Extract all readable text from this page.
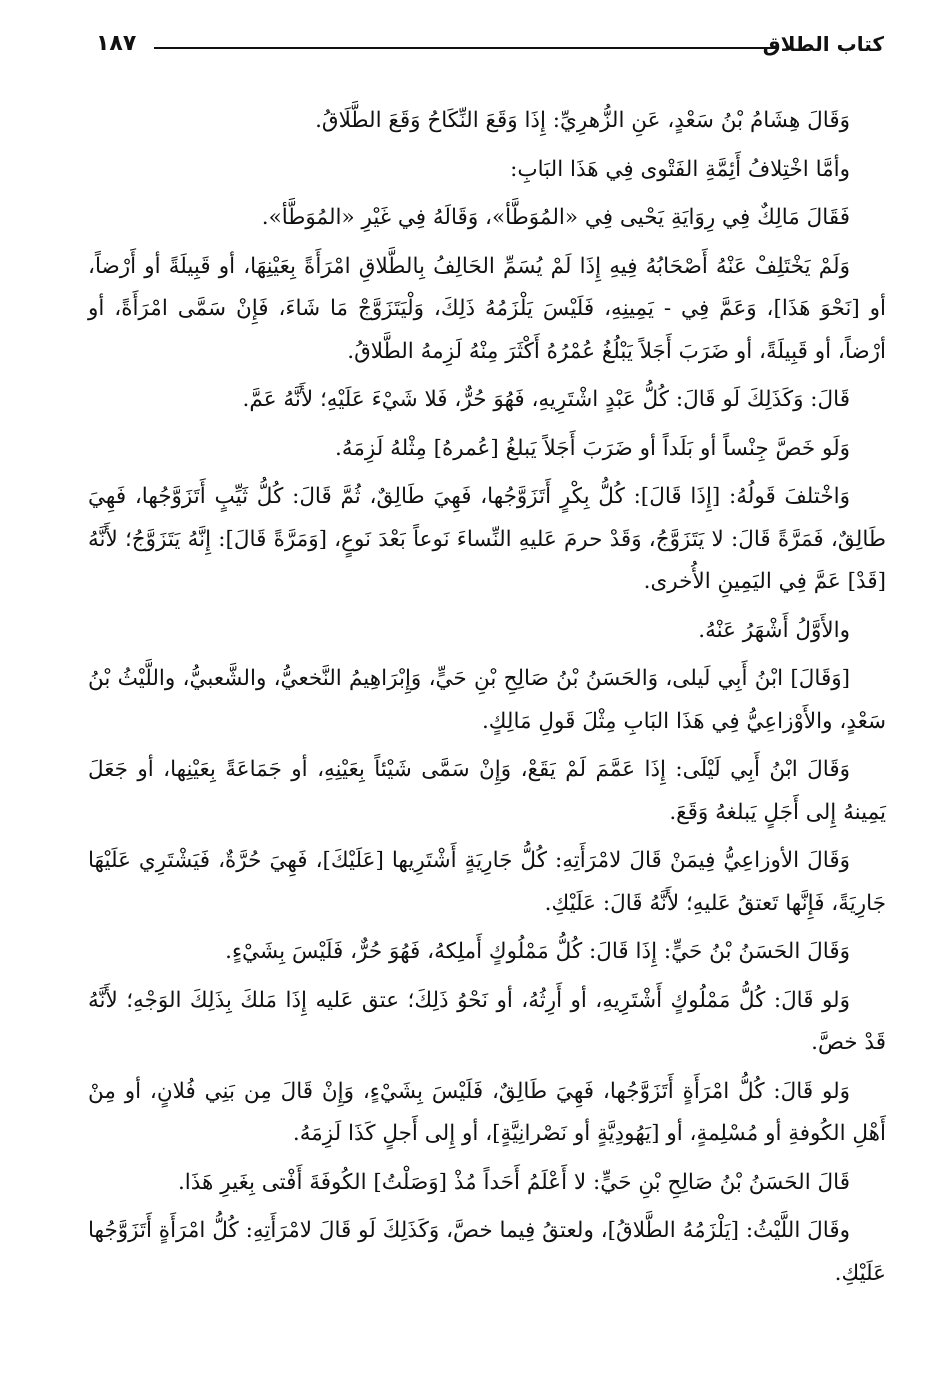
كتاب الطلاق
١٨٧

وَقَالَ هِشَامُ بْنُ سَعْدٍ، عَنِ الزُّهرِيِّ: إِذَا وَقَعَ النِّكَاحُ وَقَعَ الطَّلَاقُ.

وأمَّا اخْتِلافُ أَئِمَّةِ الفَتْوى فِي هَذَا البَابِ:

فَقَالَ مَالِكٌ فِي رِوَايَةِ يَحْيى فِي «المُوَطَّأ»، وَقَالَهُ فِي غَيْرِ «المُوَطَّأ».

وَلَمْ يَخْتَلِفْ عَنْهُ أَصْحَابُهُ فِيهِ إِذَا لَمْ يُسَمِّ الحَالِفُ بِالطَّلاقِ امْرَأَةً بِعَيْنِهَا، أو قَبِيلَةً أو أَرْضاً، أو [نَحْوَ هَذَا]، وَعَمَّ فِي - يَمِينِهِ، فَلَيْسَ يَلْزَمُهُ ذَلِكَ، وَلْيَتَزَوَّجْ مَا شَاءَ، فَإِنْ سَمَّى امْرَأَةً، أو أرْضاً، أو قَبِيلَةً، أو ضَرَبَ أَجَلاً يَبْلُغُ عُمْرُهُ أَكْثَرَ مِنْهُ لَزِمهُ الطَّلاقُ.

قَالَ: وَكَذَلِكَ لَو قَالَ: كُلُّ عَبْدٍ اشْتَرِيهِ، فَهُوَ حُرٌّ، فَلا شَيْءَ عَلَيْهِ؛ لأَنَّهُ عَمَّ.

وَلَو خَصَّ جِنْساً أو بَلَداً أو ضَرَبَ أَجَلاً يَبلغُ [عُمرهُ] مِثْلهُ لَزِمَهُ.

وَاخْتلفَ قَولُهُ: [إِذَا قَالَ]: كُلُّ بِكْرٍ أَتَزَوَّجُها، فَهِيَ طَالِقٌ، ثُمَّ قَالَ: كُلُّ ثَيِّبٍ أَتَزَوَّجُها، فَهِيَ طَالِقٌ، فَمَرَّةً قَالَ: لا يَتَزَوَّجُ، وَقَدْ حرمَ عَليهِ النِّساءَ نَوعاً بَعْدَ نَوعٍ، [وَمَرَّةً قَالَ]: إِنَّهُ يَتَزَوَّجُ؛ لأَنَّهُ [قَدْ] عَمَّ فِي اليَمِينِ الأُخرى.

والأَوَّلُ أَشْهَرُ عَنْهُ.

[وَقَالَ] ابْنُ أَبِي لَيلى، وَالحَسَنُ بْنُ صَالِحِ بْنِ حَيٍّ، وَإِبْرَاهِيمُ النَّخعيُّ، والشَّعبيُّ، واللَّيْثُ بْنُ سَعْدٍ، والأَوْزاعِيُّ فِي هَذَا البَابِ مِثْلَ قَولِ مَالِكٍ.

وَقَالَ ابْنُ أَبِي لَيْلَى: إِذَا عَمَّمَ لَمْ يَقَعْ، وَإِنْ سَمَّى شَيْئاً بِعَيْنِهِ، أو جَمَاعَةً بِعَيْنِها، أو جَعَلَ يَمِينهُ إِلى أَجَلٍ يَبلغهُ وَقَعَ.

وَقَالَ الأوزاعِيُّ فِيمَنْ قَالَ لامْرَأَتِهِ: كُلُّ جَارِيَةٍ أَشْتَرِيها [عَلَيْكَ]، فَهِيَ حُرَّةٌ، فَيَشْتَرِي عَلَيْهَا جَارِيَةً، فَإِنَّها تَعتقُ عَليهِ؛ لأَنَّهُ قَالَ: عَلَيْكِ.

وَقَالَ الحَسَنُ بْنُ حَيٍّ: إِذَا قَالَ: كُلُّ مَمْلُوكٍ أَملِكهُ، فَهُوَ حُرٌّ، فَلَيْسَ بِشَيْءٍ.

وَلو قَالَ: كُلُّ مَمْلُوكٍ أَشْتَرِيهِ، أو أَرِثُهُ، أو نَحْوُ ذَلِكَ؛ عتق عَليه إِذَا مَلكَ بِذَلِكَ الوَجْهِ؛ لأَنَّهُ قَدْ خصَّ.

وَلو قَالَ: كُلُّ امْرَأَةٍ أَتَزَوَّجُها، فَهِيَ طَالِقٌ، فَلَيْسَ بِشَيْءٍ، وَإِنْ قَالَ مِن بَنِي فُلانٍ، أو مِنْ أَهْلِ الكُوفةِ أو مُسْلِمةٍ، أو [يَهُودِيَّةٍ أو نَصْرانِيَّةٍ]، أو إِلى أَجلٍ كَذَا لَزِمَهُ.

قَالَ الحَسَنُ بْنُ صَالِحِ بْنِ حَيٍّ: لا أَعْلَمُ أَحَداً مُذْ [وَصَلْتُ] الكُوفَةَ أَفْتى بِغَيرِ هَذَا.

وقَالَ اللَّيْثُ: [يَلْزَمُهُ الطَّلاقُ]، ولعتقُ فِيما خصَّ، وَكَذَلِكَ لَو قَالَ لامْرَأَتِهِ: كُلُّ امْرَأَةٍ أَتَزَوَّجُها عَلَيْكِ.
